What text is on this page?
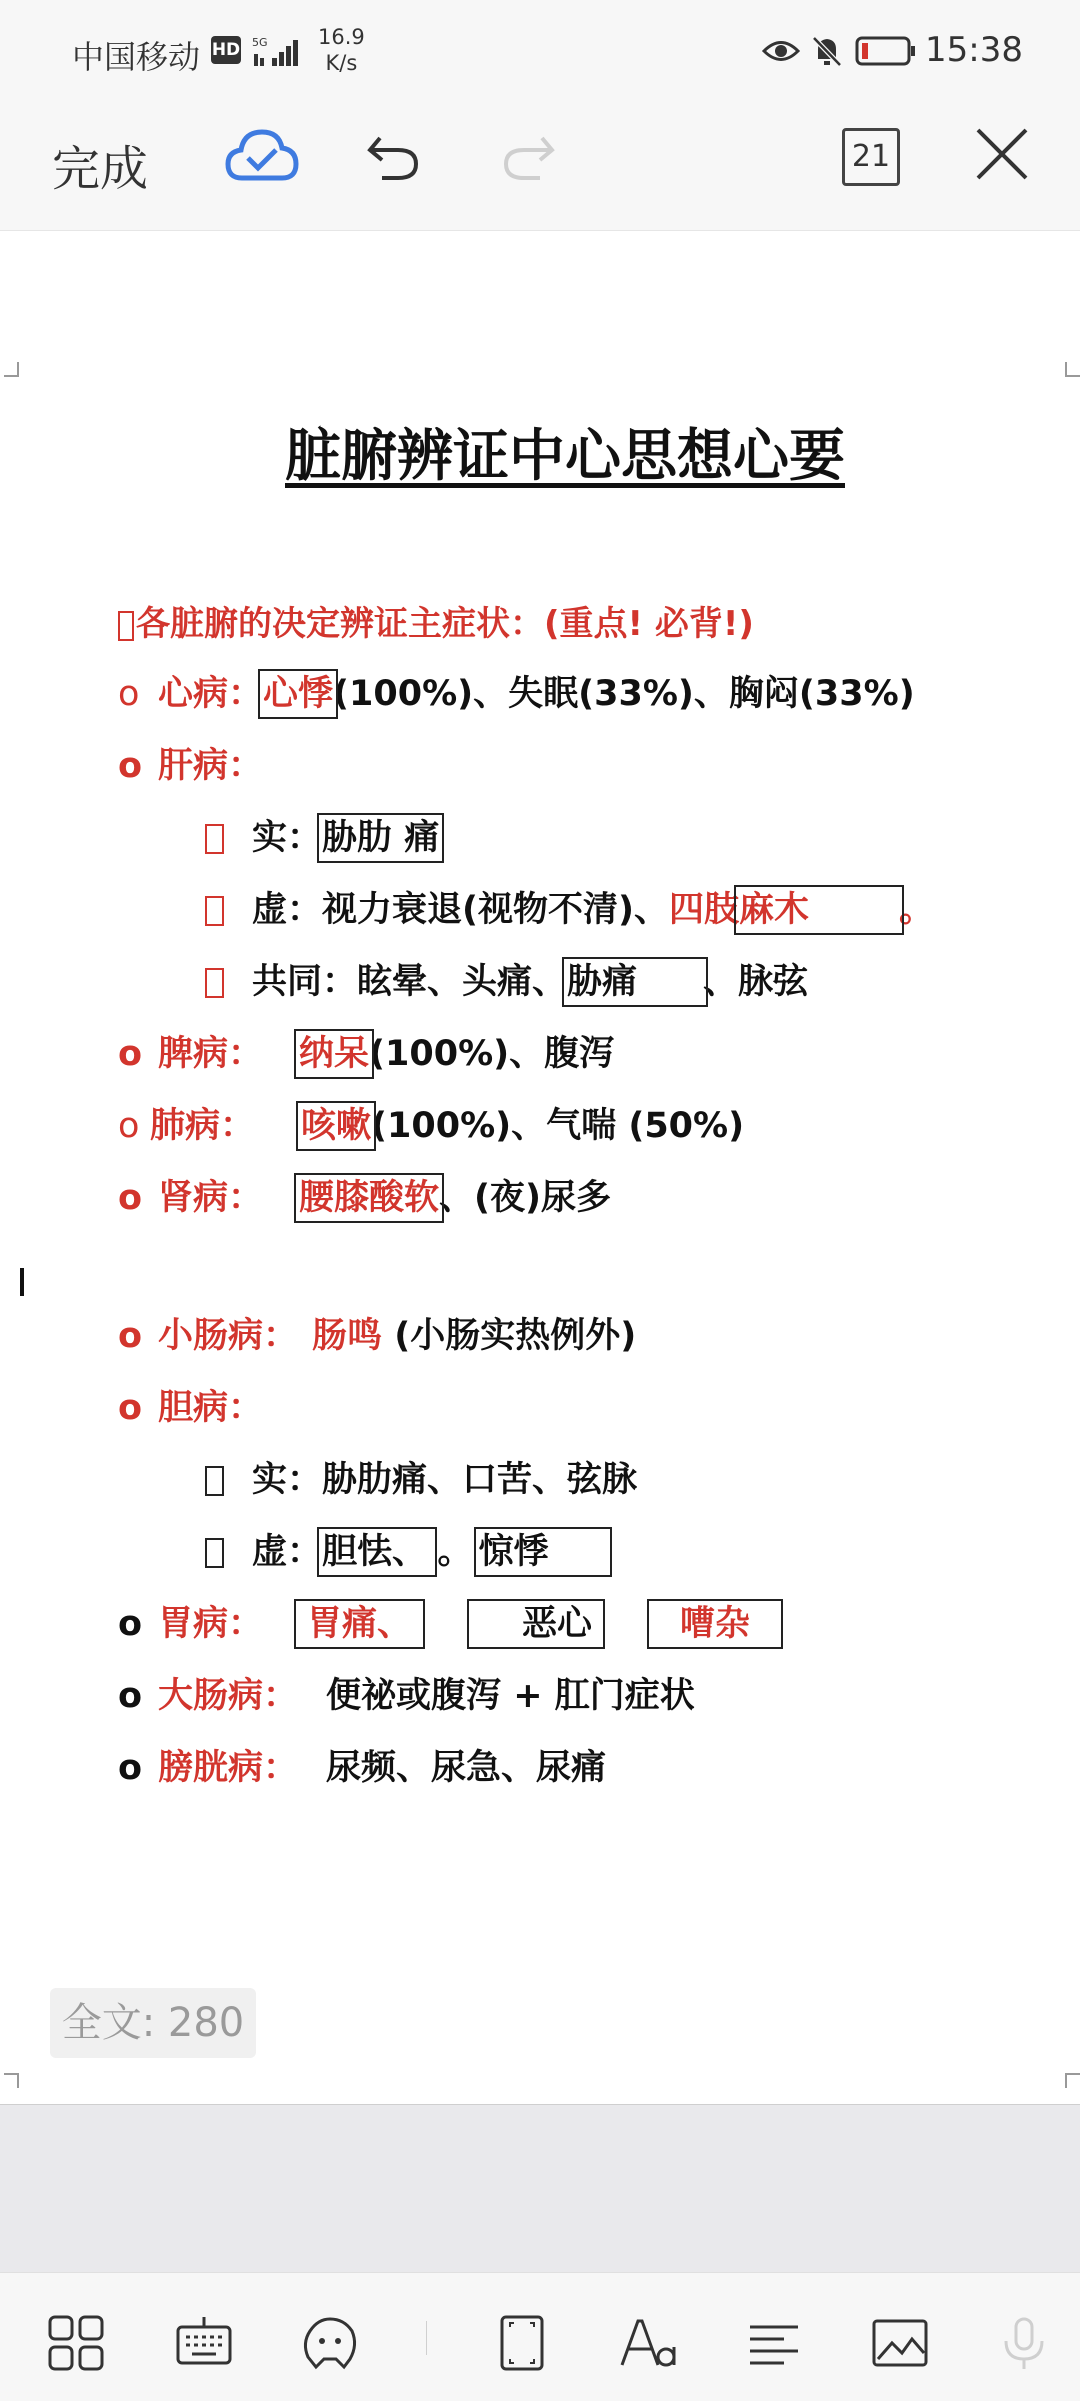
中国移动 HD 5G 16.9
K/s	15:38
完成	21
脏腑辨证中心思想心要
各脏腑的决定辨证主症状：(重点! 必背!)
o 心病：心悸(100%)、失眠(33%)、胸闷(33%)
o 肝病：
实：胁肋 痛
虚：视力衰退(视物不清)、四肢麻木	。
共同：眩晕、头痛、胁痛 、脉弦
o 脾病： 纳呆(100%)、腹泻
o 肺病： 咳嗽(100%)、气喘 (50%)
o 肾病： 腰膝酸软、(夜)尿多
o 小肠病： 肠鸣 (小肠实热例外)
o 胆病：
实：胁肋痛、口苦、弦脉
虚：胆怯、 。 惊悸
o 胃病： 胃痛、	恶心	嘈杂
o 大肠病： 便祕或腹泻 + 肛门症状
o 膀胱病： 尿频、尿急、尿痛
全文: 280
